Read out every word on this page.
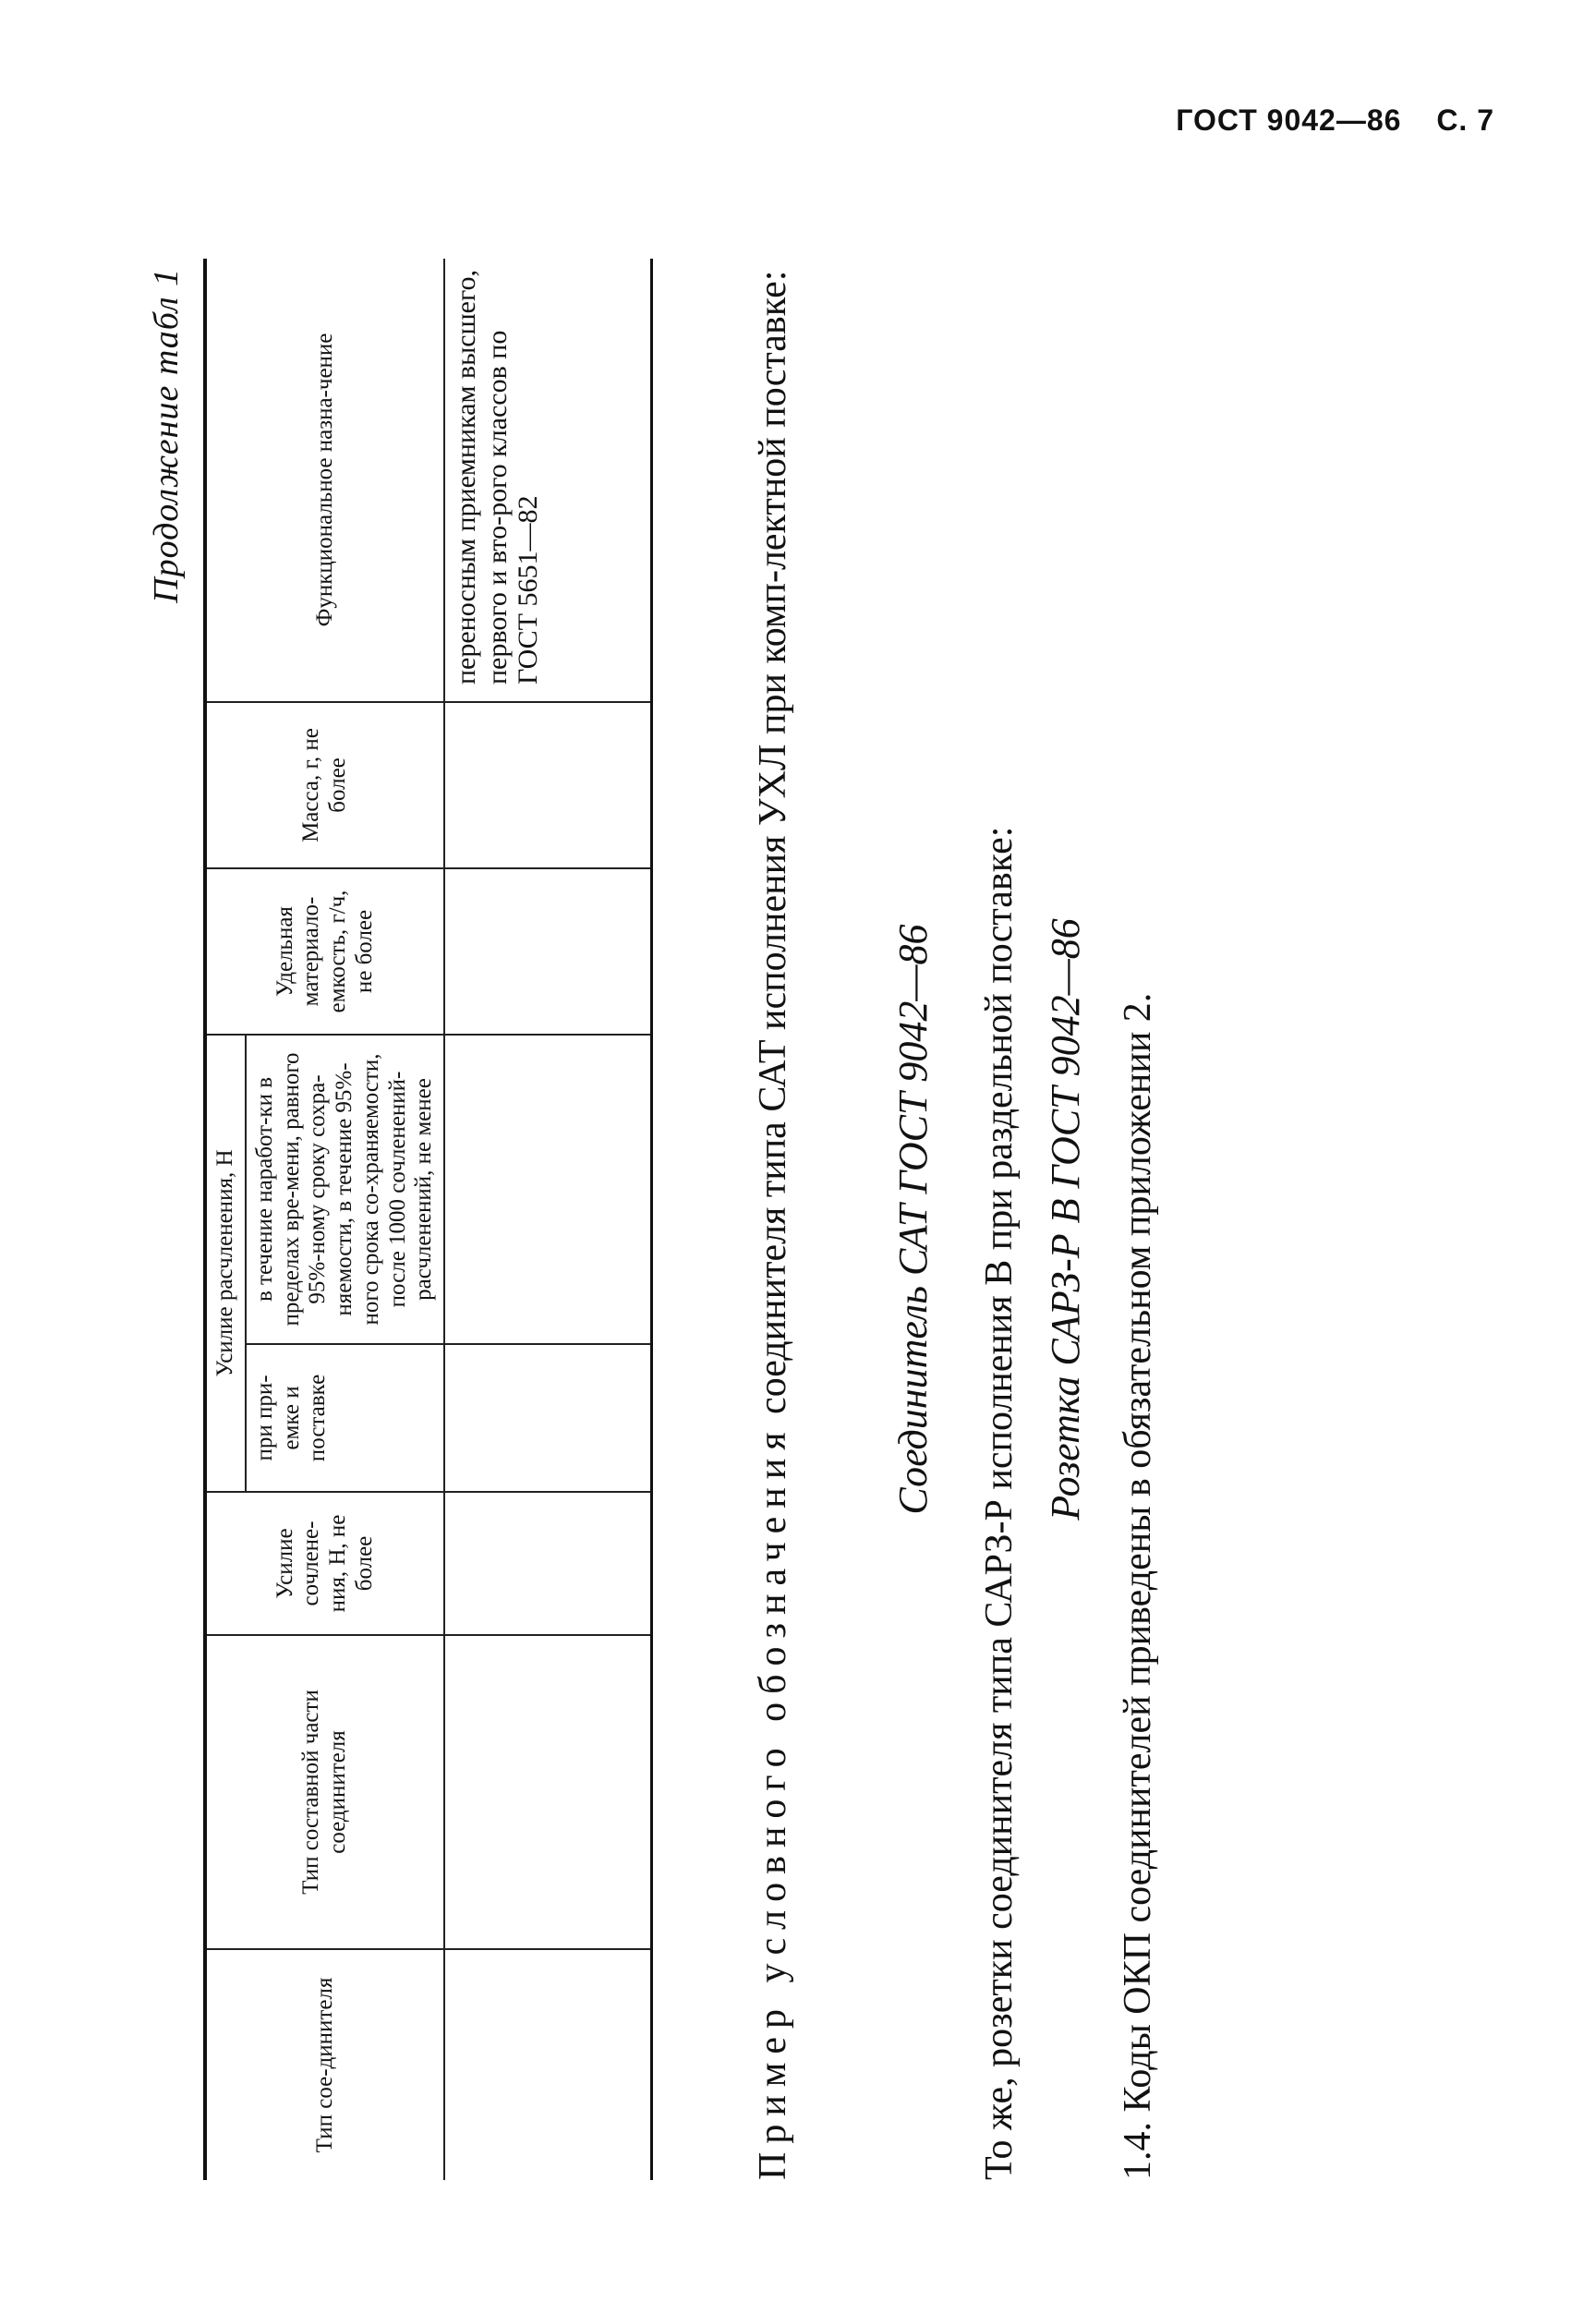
ГОСТ 9042—86 С. 7
Продолжение табл 1
Тип сое-динителя	Тип составной части соединителя	Усилие сочлене-ния, Н, не более	Усилие расчленения, Н		Удельная материало-емкость, г/ч, не более	Масса, г, не более	Функциональное назна-чение
			при при-емке и поставке	в течение наработ-ки в пределах вре-мени, равного 95%-ному сроку сохра-няемости, в течение 95%-ного срока со-храняемости, после 1000 сочленений-расчленений, не менее			
							переносным приемникам высшего, первого и вто-рого классов по ГОСТ 5651—82
Пример условного обозначения соединителя типа САТ исполнения УХЛ при комп-лектной поставке: Соединитель САТ ГОСТ 9042—86 То же, розетки соединителя типа САРЗ-Р исполнения В при раздельной поставке: Розетка САРЗ-Р В ГОСТ 9042—86 1.4. Коды ОКП соединителей приведены в обязательном приложении 2.
